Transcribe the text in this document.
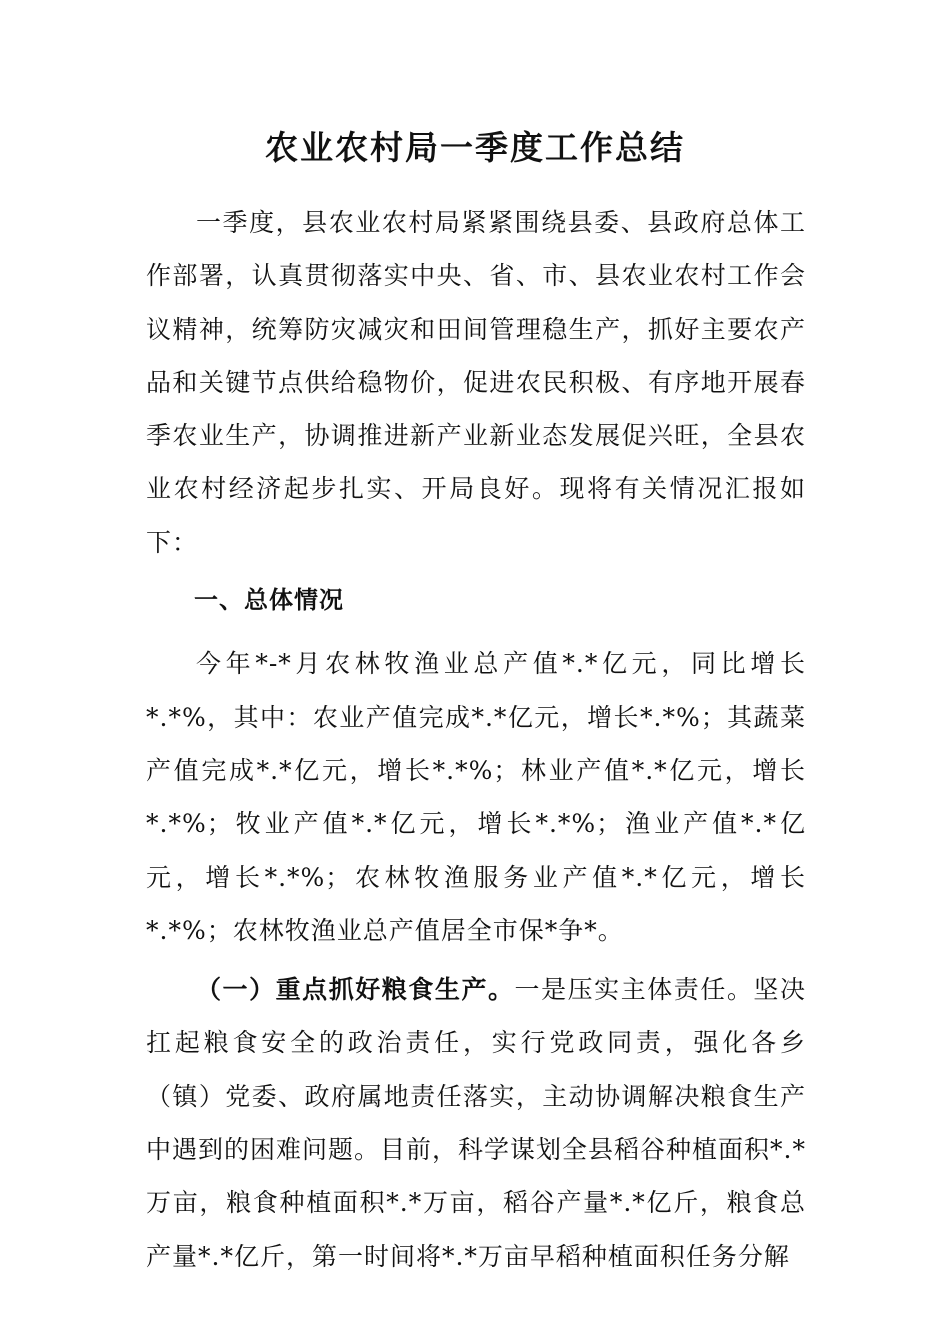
农业农村局一季度工作总结

一季度，县农业农村局紧紧围绕县委、县政府总体工作部署，认真贯彻落实中央、省、市、县农业农村工作会议精神，统筹防灾减灾和田间管理稳生产，抓好主要农产品和关键节点供给稳物价，促进农民积极、有序地开展春季农业生产，协调推进新产业新业态发展促兴旺，全县农业农村经济起步扎实、开局良好。现将有关情况汇报如下：

一、总体情况

今年*-*月农林牧渔业总产值*.*亿元，同比增长*.*%，其中：农业产值完成*.*亿元，增长*.*%；其蔬菜产值完成*.*亿元，增长*.*%；林业产值*.*亿元，增长*.*%；牧业产值*.*亿元，增长*.*%；渔业产值*.*亿元，增长*.*%；农林牧渔服务业产值*.*亿元，增长*.*%；农林牧渔业总产值居全市保*争*。

（一）重点抓好粮食生产。一是压实主体责任。坚决扛起粮食安全的政治责任，实行党政同责，强化各乡（镇）党委、政府属地责任落实，主动协调解决粮食生产中遇到的困难问题。目前，科学谋划全县稻谷种植面积*.*万亩，粮食种植面积*.*万亩，稻谷产量*.*亿斤，粮食总产量*.*亿斤，第一时间将*.*万亩早稻种植面积任务分解
